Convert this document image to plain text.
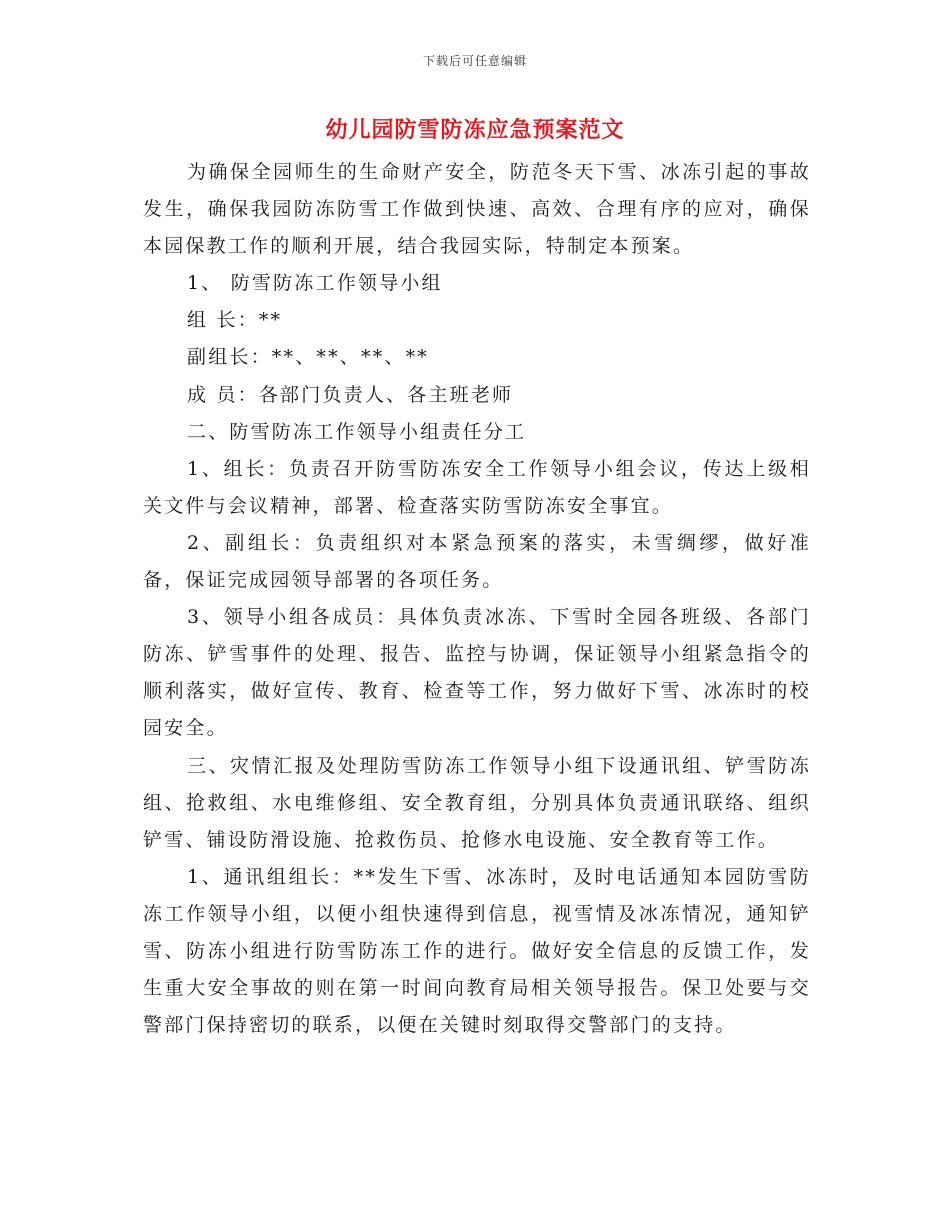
下载后可任意编辑
幼儿园防雪防冻应急预案范文

为确保全园师生的生命财产安全，防范冬天下雪、冰冻引起的事故发生，确保我园防冻防雪工作做到快速、高效、合理有序的应对，确保本园保教工作的顺利开展，结合我园实际，特制定本预案。

1、 防雪防冻工作领导小组

组 长：**

副组长：**、**、**、**

成 员：各部门负责人、各主班老师

二、防雪防冻工作领导小组责任分工

1、组长：负责召开防雪防冻安全工作领导小组会议，传达上级相关文件与会议精神，部署、检查落实防雪防冻安全事宜。

2、副组长：负责组织对本紧急预案的落实，未雪绸缪，做好准备，保证完成园领导部署的各项任务。

3、领导小组各成员：具体负责冰冻、下雪时全园各班级、各部门防冻、铲雪事件的处理、报告、监控与协调，保证领导小组紧急指令的顺利落实，做好宣传、教育、检查等工作，努力做好下雪、冰冻时的校园安全。

三、灾情汇报及处理防雪防冻工作领导小组下设通讯组、铲雪防冻组、抢救组、水电维修组、安全教育组，分别具体负责通讯联络、组织铲雪、铺设防滑设施、抢救伤员、抢修水电设施、安全教育等工作。

1、通讯组组长：**发生下雪、冰冻时，及时电话通知本园防雪防冻工作领导小组，以便小组快速得到信息，视雪情及冰冻情况，通知铲雪、防冻小组进行防雪防冻工作的进行。做好安全信息的反馈工作，发生重大安全事故的则在第一时间向教育局相关领导报告。保卫处要与交警部门保持密切的联系，以便在关键时刻取得交警部门的支持。
